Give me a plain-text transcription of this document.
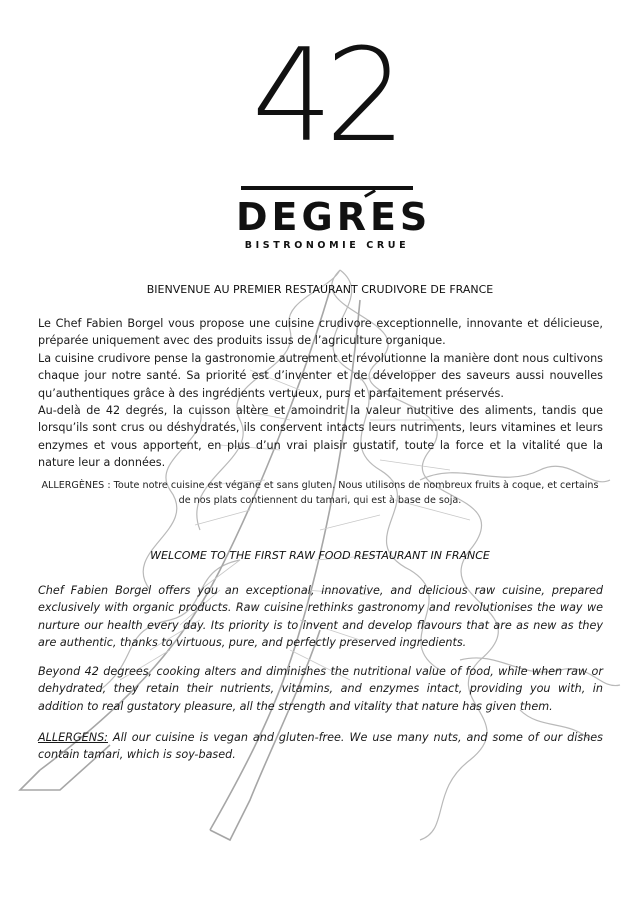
42
DEGRES
BISTRONOMIE CRUE
BIENVENUE AU PREMIER RESTAURANT CRUDIVORE DE FRANCE

Le Chef Fabien Borgel vous propose une cuisine crudivore exceptionnelle, innovante et délicieuse, préparée uniquement avec des produits issus de l’agriculture organique.

La cuisine crudivore pense la gastronomie autrement et révolutionne la manière dont nous cultivons chaque jour notre santé. Sa priorité est d’inventer et de développer des saveurs aussi nouvelles qu’authentiques grâce à des ingrédients vertueux, purs et parfaitement préservés.

Au-delà de 42 degrés, la cuisson altère et amoindrit la valeur nutritive des aliments, tandis que lorsqu’ils sont crus ou déshydratés, ils conservent intacts leurs nutriments, leurs vitamines et leurs enzymes et vous apportent, en plus d’un vrai plaisir gustatif, toute la force et la vitalité que la nature leur a données.

ALLERGÈNES : Toute notre cuisine est végane et sans gluten. Nous utilisons de nombreux fruits à coque, et certains de nos plats contiennent du tamari, qui est à base de soja.
WELCOME TO THE FIRST RAW FOOD RESTAURANT IN FRANCE
Chef Fabien Borgel offers you an exceptional, innovative, and delicious raw cuisine, prepared exclusively with organic products. Raw cuisine rethinks gastronomy and revolutionises the way we nurture our health every day. Its priority is to invent and develop flavours that are as new as they are authentic, thanks to virtuous, pure, and perfectly preserved ingredients.
Beyond 42 degrees, cooking alters and diminishes the nutritional value of food, while when raw or dehydrated, they retain their nutrients, vitamins, and enzymes intact, providing you with, in addition to real gustatory pleasure, all the strength and vitality that nature has given them.
ALLERGENS: All our cuisine is vegan and gluten-free. We use many nuts, and some of our dishes contain tamari, which is soy-based.
